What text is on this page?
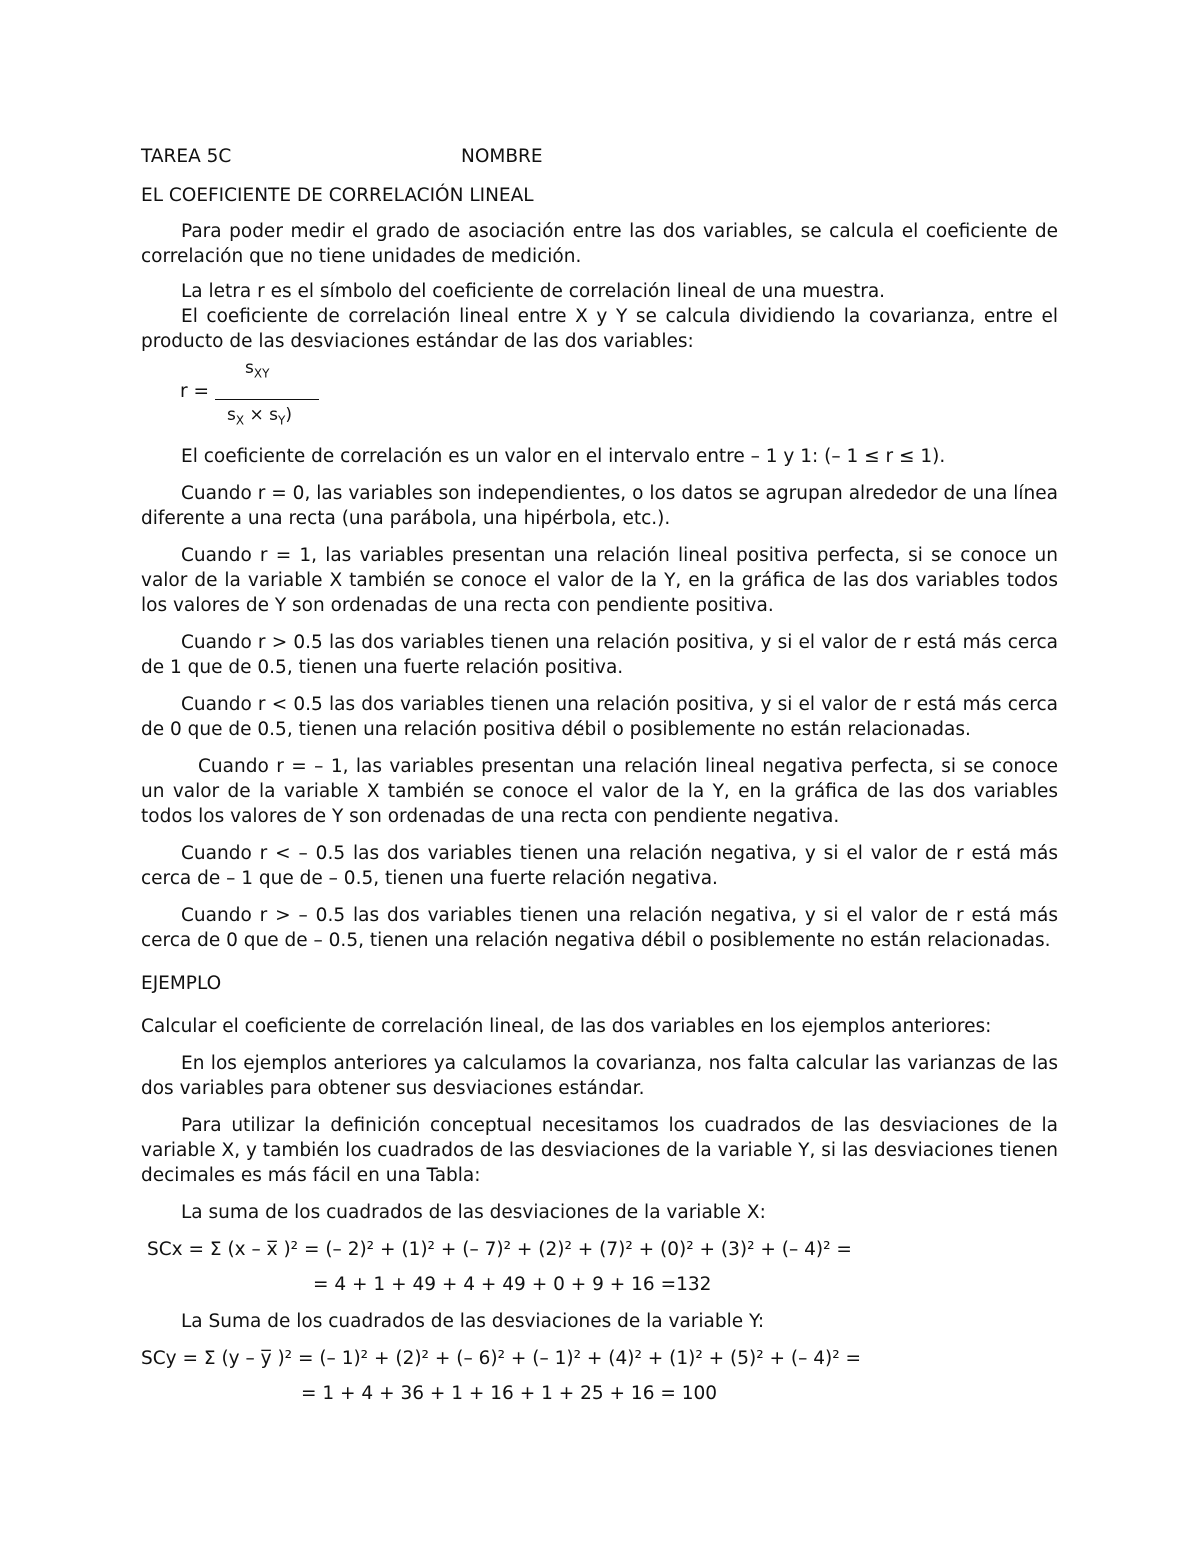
TAREA 5C	NOMBRE
EL COEFICIENTE DE CORRELACIÓN LINEAL

Para poder medir el grado de asociación entre las dos variables, se calcula el coeficiente de correlación que no tiene unidades de medición.

La letra r es el símbolo del coeficiente de correlación lineal de una muestra.

El coeficiente de correlación lineal entre X y Y se calcula dividiendo la covarianza, entre el producto de las desviaciones estándar de las dos variables:

$s_{XY}$
r =
$s_X \times s_Y$)

El coeficiente de correlación es un valor en el intervalo entre – 1 y 1: (– 1 ≤ r ≤ 1).

Cuando r = 0, las variables son independientes, o los datos se agrupan alrededor de una línea diferente a una recta (una parábola, una hipérbola, etc.).

Cuando r = 1, las variables presentan una relación lineal positiva perfecta, si se conoce un valor de la variable X también se conoce el valor de la Y, en la gráfica de las dos variables todos los valores de Y son ordenadas de una recta con pendiente positiva.

Cuando r > 0.5 las dos variables tienen una relación positiva, y si el valor de r está más cerca de 1 que de 0.5, tienen una fuerte relación positiva.

Cuando r < 0.5 las dos variables tienen una relación positiva, y si el valor de r está más cerca de 0 que de 0.5, tienen una relación positiva débil o posiblemente no están relacionadas.

Cuando r = – 1, las variables presentan una relación lineal negativa perfecta, si se conoce un valor de la variable X también se conoce el valor de la Y, en la gráfica de las dos variables todos los valores de Y son ordenadas de una recta con pendiente negativa.

Cuando r < – 0.5 las dos variables tienen una relación negativa, y si el valor de r está más cerca de – 1 que de – 0.5, tienen una fuerte relación negativa.

Cuando r > – 0.5 las dos variables tienen una relación negativa, y si el valor de r está más cerca de 0 que de – 0.5, tienen una relación negativa débil o posiblemente no están relacionadas.

EJEMPLO

Calcular el coeficiente de correlación lineal, de las dos variables en los ejemplos anteriores:

En los ejemplos anteriores ya calculamos la covarianza, nos falta calcular las varianzas de las dos variables para obtener sus desviaciones estándar.

Para utilizar la definición conceptual necesitamos los cuadrados de las desviaciones de la variable X, y también los cuadrados de las desviaciones de la variable Y, si las desviaciones tienen decimales es más fácil en una Tabla:

La suma de los cuadrados de las desviaciones de la variable X:

SCx = Σ (x – x̅ )² = (– 2)² + (1)² + (– 7)² + (2)² + (7)² + (0)² + (3)² + (– 4)² =
= 4 + 1 + 49 + 4 + 49 + 0 + 9 + 16 =132

La Suma de los cuadrados de las desviaciones de la variable Y:

SCy = Σ (y – y̅ )² = (– 1)² + (2)² + (– 6)² + (– 1)² + (4)² + (1)² + (5)² + (– 4)² =
= 1 + 4 + 36 + 1 + 16 + 1 + 25 + 16 = 100
